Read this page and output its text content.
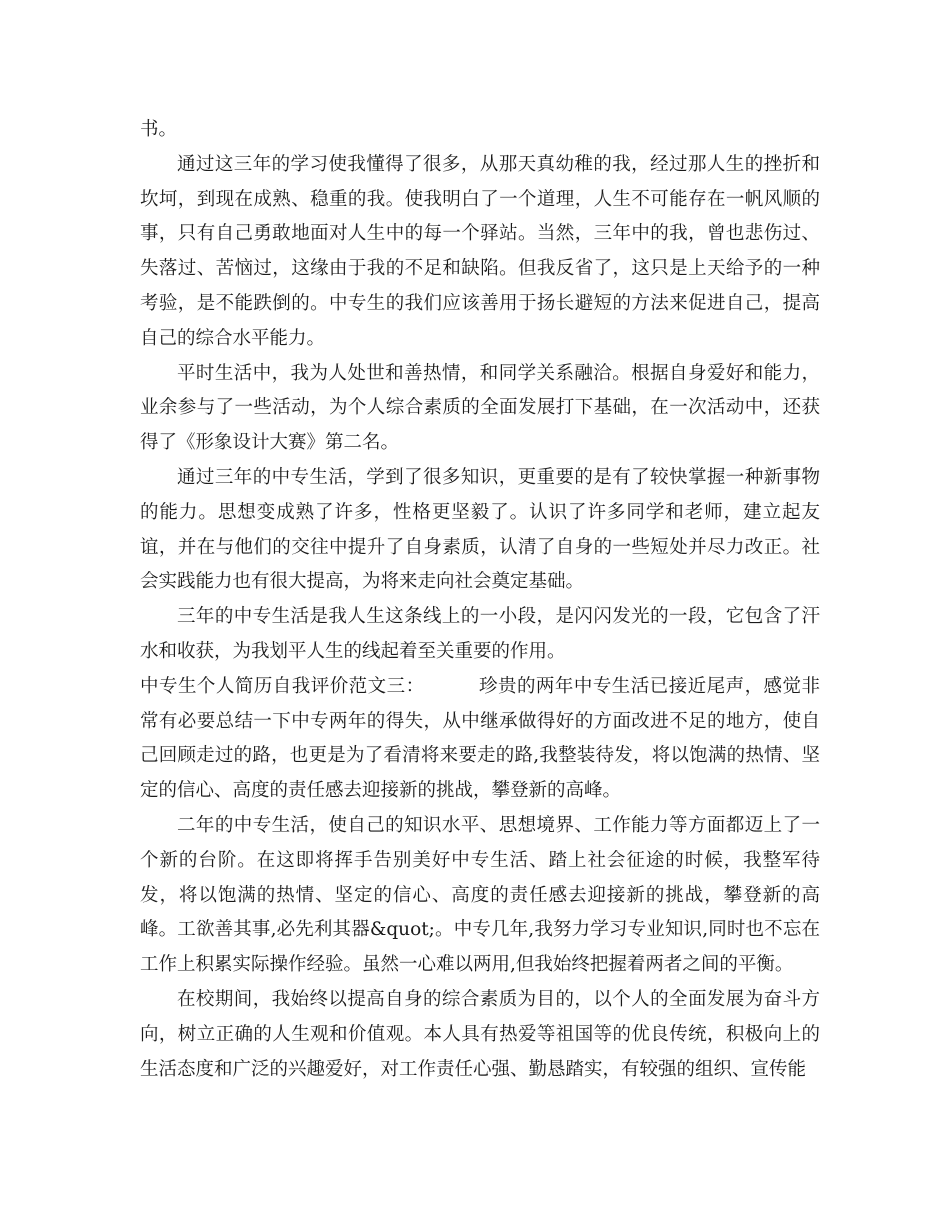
书。

通过这三年的学习使我懂得了很多，从那天真幼稚的我，经过那人生的挫折和坎坷，到现在成熟、稳重的我。使我明白了一个道理，人生不可能存在一帆风顺的事，只有自己勇敢地面对人生中的每一个驿站。当然，三年中的我，曾也悲伤过、失落过、苦恼过，这缘由于我的不足和缺陷。但我反省了，这只是上天给予的一种考验，是不能跌倒的。中专生的我们应该善用于扬长避短的方法来促进自己，提高自己的综合水平能力。

平时生活中，我为人处世和善热情，和同学关系融洽。根据自身爱好和能力，业余参与了一些活动，为个人综合素质的全面发展打下基础，在一次活动中，还获得了《形象设计大赛》第二名。

通过三年的中专生活，学到了很多知识，更重要的是有了较快掌握一种新事物的能力。思想变成熟了许多，性格更坚毅了。认识了许多同学和老师，建立起友谊，并在与他们的交往中提升了自身素质，认清了自身的一些短处并尽力改正。社会实践能力也有很大提高，为将来走向社会奠定基础。

三年的中专生活是我人生这条线上的一小段，是闪闪发光的一段，它包含了汗水和收获，为我划平人生的线起着至关重要的作用。

中专生个人简历自我评价范文三：	珍贵的两年中专生活已接近尾声，感觉非常有必要总结一下中专两年的得失，从中继承做得好的方面改进不足的地方，使自己回顾走过的路，也更是为了看清将来要走的路,我整装待发，将以饱满的热情、坚定的信心、高度的责任感去迎接新的挑战，攀登新的高峰。

二年的中专生活，使自己的知识水平、思想境界、工作能力等方面都迈上了一个新的台阶。在这即将挥手告别美好中专生活、踏上社会征途的时候，我整军待发，将以饱满的热情、坚定的信心、高度的责任感去迎接新的挑战，攀登新的高峰。工欲善其事,必先利其器&quot;。中专几年,我努力学习专业知识,同时也不忘在工作上积累实际操作经验。虽然一心难以两用,但我始终把握着两者之间的平衡。

在校期间，我始终以提高自身的综合素质为目的，以个人的全面发展为奋斗方向，树立正确的人生观和价值观。本人具有热爱等祖国等的优良传统，积极向上的生活态度和广泛的兴趣爱好，对工作责任心强、勤恳踏实，有较强的组织、宣传能
